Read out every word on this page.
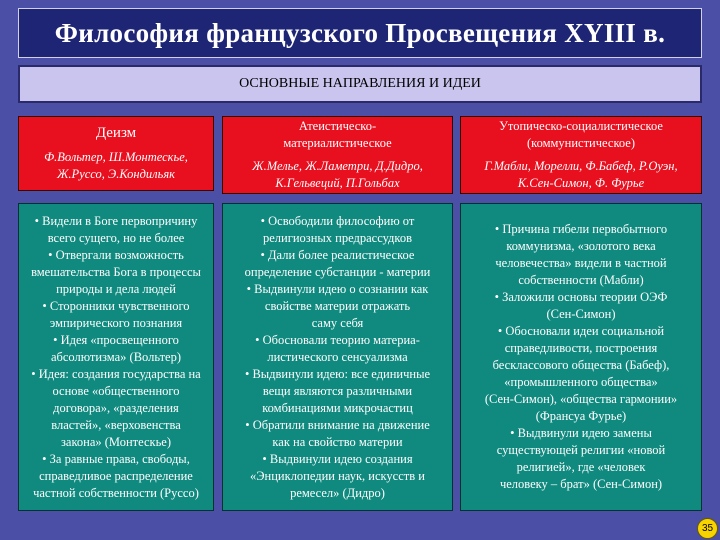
Философия французского Просвещения XYIII в.
ОСНОВНЫЕ НАПРАВЛЕНИЯ И ИДЕИ
Деизм
Ф.Вольтер, Ш.Монтескье,
Ж.Руссо, Э.Кондильяк
• Видели в Боге первопричину
всего сущего, но не более
• Отвергали возможность
вмешательства Бога в процессы
природы и дела людей
• Сторонники чувственного
эмпирического познания
• Идея «просвещенного
абсолютизма» (Вольтер)
• Идея: создания государства на
основе «общественного
договора», «разделения
властей», «верховенства
закона» (Монтескье)
• За равные права, свободы,
справедливое распределение
частной собственности (Руссо)
Атеистическо-
материалистическое
Ж.Мелье, Ж.Ламетри, Д.Дидро,
К.Гельвеций, П.Гольбах
• Освободили философию от
религиозных предрассудков
• Дали более реалистическое
определение субстанции - материи
• Выдвинули идею о сознании как
свойстве материи отражать
саму себя
• Обосновали теорию материа-
листического сенсуализма
• Выдвинули идею: все единичные
вещи являются различными
комбинациями микрочастиц
• Обратили внимание на движение
как на свойство материи
• Выдвинули идею создания
«Энциклопедии наук, искусств и
ремесел» (Дидро)
Утопическо-социалистическое
(коммунистическое)
Г.Мабли, Морелли, Ф.Бабеф, Р.Оуэн,
К.Сен-Симон, Ф. Фурье
• Причина гибели первобытного
коммунизма, «золотого века
человечества» видели в частной
собственности (Мабли)
• Заложили основы теории ОЭФ
(Сен-Симон)
• Обосновали идеи социальной
справедливости, построения
бесклассового общества (Бабеф),
«промышленного общества»
(Сен-Симон), «общества гармонии»
(Франсуа Фурье)
• Выдвинули идею замены
существующей религии «новой
религией», где «человек
человеку – брат» (Сен-Симон)
35
